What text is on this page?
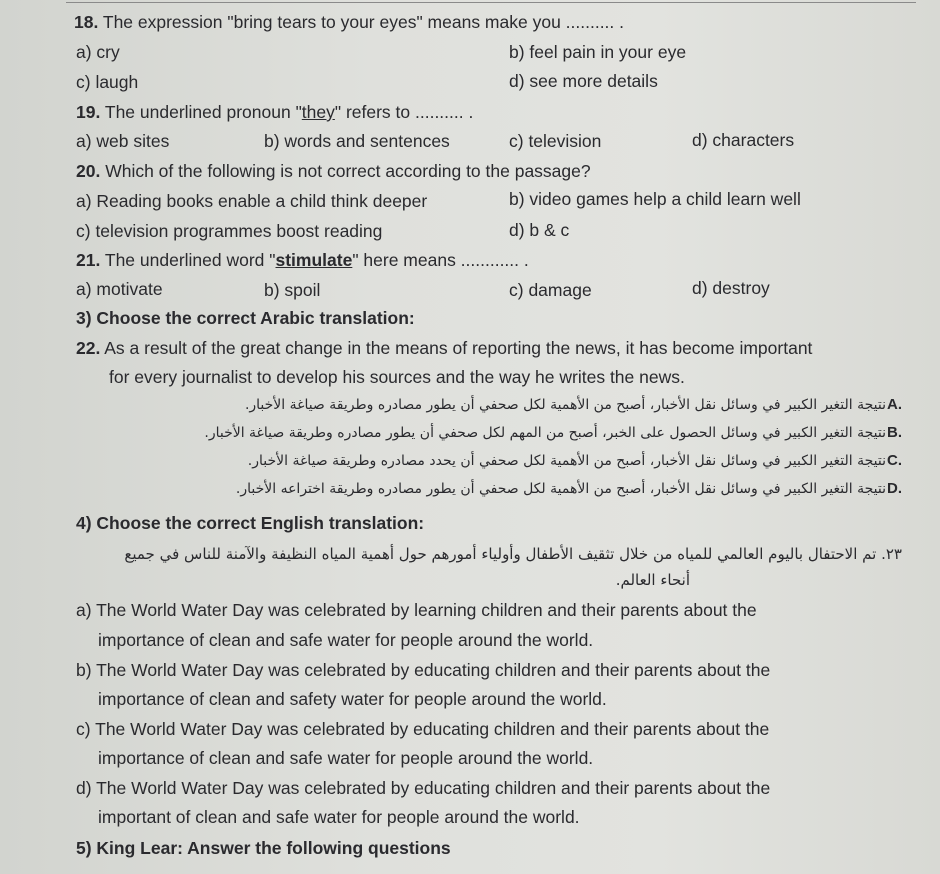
18. The expression "bring tears to your eyes" means make you .......... .
a) cry	b) feel pain in your eye
c) laugh	d) see more details
19. The underlined pronoun "they" refers to .......... .
a) web sites	b) words and sentences	c) television	d) characters
20. Which of the following is not correct according to the passage?
a) Reading books enable a child think deeper	b) video games help a child learn well
c) television programmes boost reading	d) b & c
21. The underlined word "stimulate" here means ............ .
a) motivate	b) spoil	c) damage	d) destroy
3) Choose the correct Arabic translation:
22. As a result of the great change in the means of reporting the news, it has become important
for every journalist to develop his sources and the way he writes the news.
A.
نتيجة التغير الكبير في وسائل نقل الأخبار، أصبح من الأهمية لكل صحفي أن يطور مصادره وطريقة صياغة الأخبار.
B.
نتيجة التغير الكبير في وسائل الحصول على الخبر، أصبح من المهم لكل صحفي أن يطور مصادره وطريقة صياغة الأخبار.
C.
نتيجة التغير الكبير في وسائل نقل الأخبار، أصبح من الأهمية لكل صحفي أن يحدد مصادره وطريقة صياغة الأخبار.
D.
نتيجة التغير الكبير في وسائل نقل الأخبار، أصبح من الأهمية لكل صحفي أن يطور مصادره وطريقة اختراعه الأخبار.
4) Choose the correct English translation:
٢٣. تم الاحتفال باليوم العالمي للمياه من خلال تثقيف الأطفال وأولياء أمورهم حول أهمية المياه النظيفة والآمنة للناس في جميع
أنحاء العالم.
a) The World Water Day was celebrated by learning children and their parents about the
importance of clean and safe water for people around the world.
b) The World Water Day was celebrated by educating children and their parents about the
importance of clean and safety water for people around the world.
c) The World Water Day was celebrated by educating children and their parents about the
importance of clean and safe water for people around the world.
d) The World Water Day was celebrated by educating children and their parents about the
important of clean and safe water for people around the world.
5) King Lear: Answer the following questions
